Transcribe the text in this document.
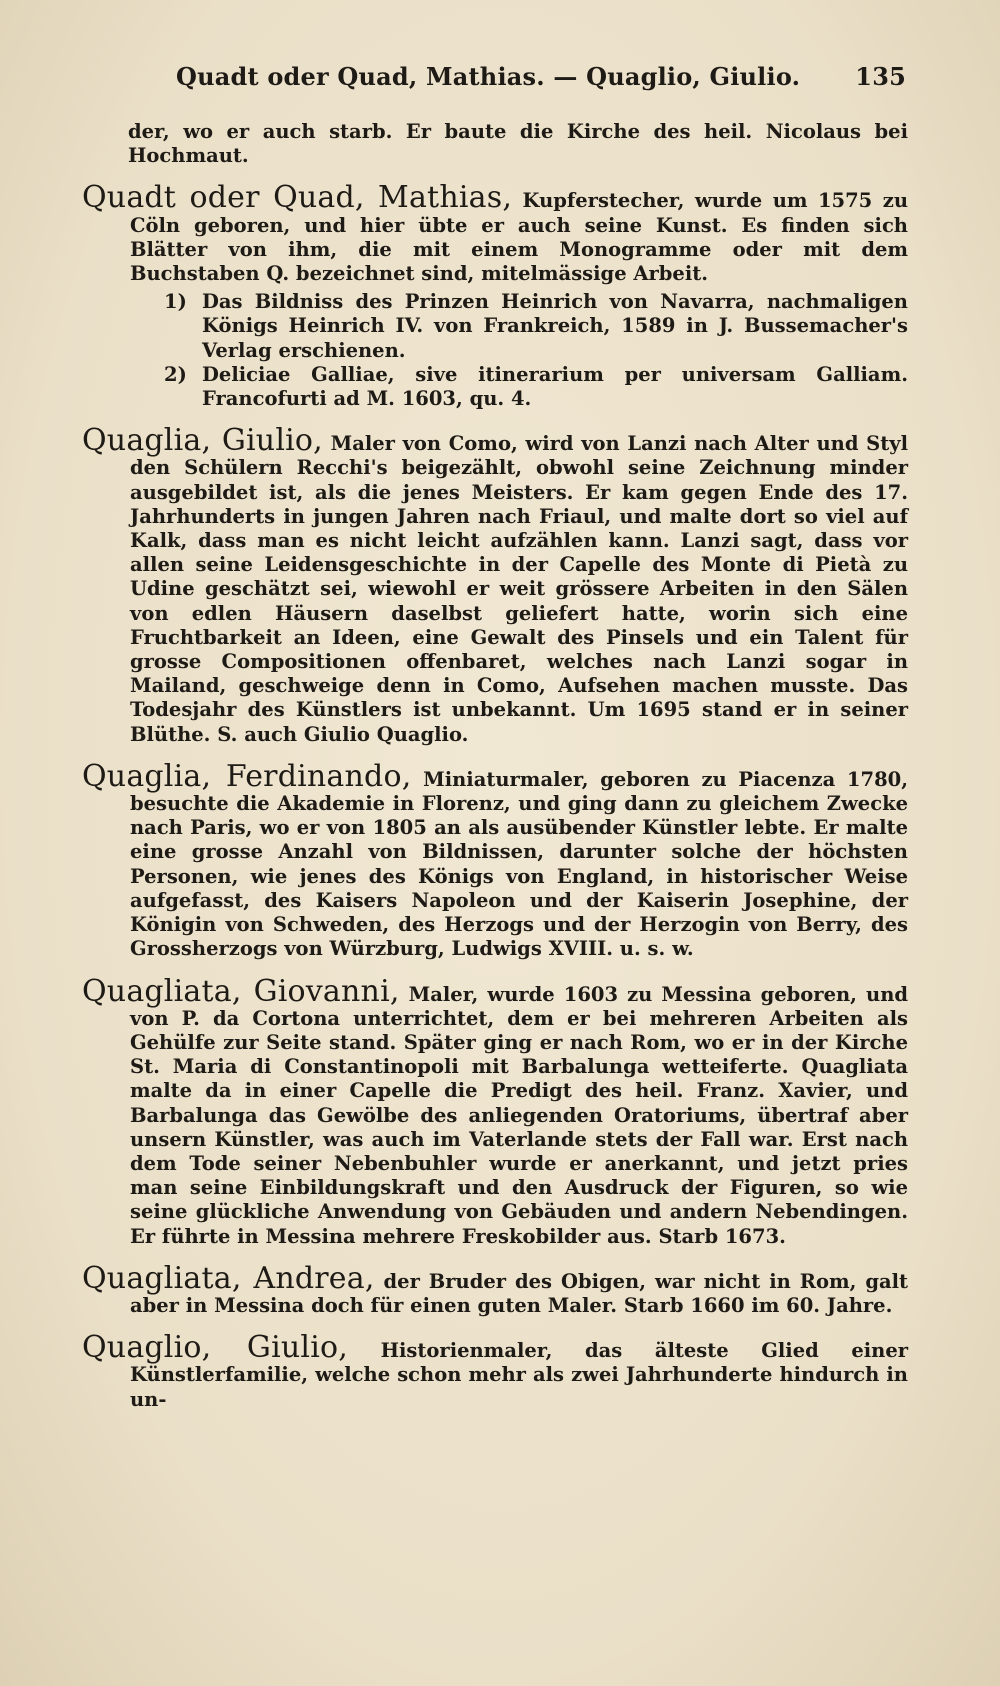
Quadt oder Quad, Mathias. — Quaglio, Giulio. 135
der, wo er auch starb. Er baute die Kirche des heil. Nicolaus bei Hochmaut.
Quadt oder Quad, Mathias, Kupferstecher, wurde um 1575 zu Cöln geboren, und hier übte er auch seine Kunst. Es finden sich Blätter von ihm, die mit einem Monogramme oder mit dem Buchstaben Q. bezeichnet sind, mitelmässige Arbeit.
1) Das Bildniss des Prinzen Heinrich von Navarra, nachmaligen Königs Heinrich IV. von Frankreich, 1589 in J. Bussemacher's Verlag erschienen.
2) Deliciae Galliae, sive itinerarium per universam Galliam. Francofurti ad M. 1603, qu. 4.
Quaglia, Giulio, Maler von Como, wird von Lanzi nach Alter und Styl den Schülern Recchi's beigezählt, obwohl seine Zeichnung minder ausgebildet ist, als die jenes Meisters. Er kam gegen Ende des 17. Jahrhunderts in jungen Jahren nach Friaul, und malte dort so viel auf Kalk, dass man es nicht leicht aufzählen kann. Lanzi sagt, dass vor allen seine Leidensgeschichte in der Capelle des Monte di Pietà zu Udine geschätzt sei, wiewohl er weit grössere Arbeiten in den Sälen von edlen Häusern daselbst geliefert hatte, worin sich eine Fruchtbarkeit an Ideen, eine Gewalt des Pinsels und ein Talent für grosse Compositionen offenbaret, welches nach Lanzi sogar in Mailand, geschweige denn in Como, Aufsehen machen musste. Das Todesjahr des Künstlers ist unbekannt. Um 1695 stand er in seiner Blüthe. S. auch Giulio Quaglio.
Quaglia, Ferdinando, Miniaturmaler, geboren zu Piacenza 1780, besuchte die Akademie in Florenz, und ging dann zu gleichem Zwecke nach Paris, wo er von 1805 an als ausübender Künstler lebte. Er malte eine grosse Anzahl von Bildnissen, darunter solche der höchsten Personen, wie jenes des Königs von England, in historischer Weise aufgefasst, des Kaisers Napoleon und der Kaiserin Josephine, der Königin von Schweden, des Herzogs und der Herzogin von Berry, des Grossherzogs von Würzburg, Ludwigs XVIII. u. s. w.
Quagliata, Giovanni, Maler, wurde 1603 zu Messina geboren, und von P. da Cortona unterrichtet, dem er bei mehreren Arbeiten als Gehülfe zur Seite stand. Später ging er nach Rom, wo er in der Kirche St. Maria di Constantinopoli mit Barbalunga wetteiferte. Quagliata malte da in einer Capelle die Predigt des heil. Franz. Xavier, und Barbalunga das Gewölbe des anliegenden Oratoriums, übertraf aber unsern Künstler, was auch im Vaterlande stets der Fall war. Erst nach dem Tode seiner Nebenbuhler wurde er anerkannt, und jetzt pries man seine Einbildungskraft und den Ausdruck der Figuren, so wie seine glückliche Anwendung von Gebäuden und andern Nebendingen. Er führte in Messina mehrere Freskobilder aus. Starb 1673.
Quagliata, Andrea, der Bruder des Obigen, war nicht in Rom, galt aber in Messina doch für einen guten Maler. Starb 1660 im 60. Jahre.
Quaglio, Giulio, Historienmaler, das älteste Glied einer Künstlerfamilie, welche schon mehr als zwei Jahrhunderte hindurch in un-
